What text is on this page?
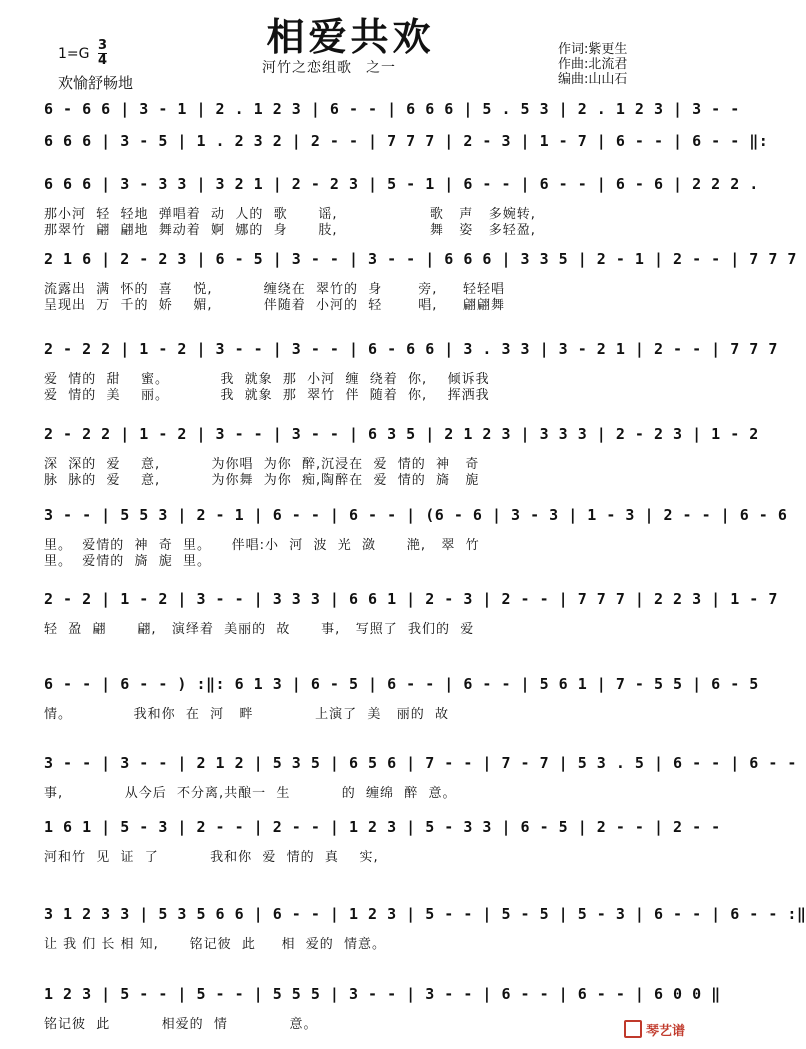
相爱共欢
河竹之恋组歌 之一
1=G
3
4
欢愉舒畅地
作词:紫更生
作曲:北流君
编曲:山山石
6 - 6 6 | 3 - 1 | 2 . 1 2 3 | 6 - - | 6 6 6 | 5 . 5 3 | 2 . 1 2 3 | 3 - -
6 6 6 | 3 - 5 | 1 . 2 3 2 | 2 - - | 7 7 7 | 2 - 3 | 1 - 7 | 6 - - | 6 - - ‖:
6 6 6 | 3 - 3 3 | 3 2 1 | 2 - 2 3 | 5 - 1 | 6 - - | 6 - - | 6 - 6 | 2 2 2 .
那小河  轻  轻地  弹唱着  动  人的  歌      谣,                  歌   声   多婉转,
那翠竹  翩  翩地  舞动着  婀  娜的  身      肢,                  舞   姿   多轻盈,
2 1 6 | 2 - 2 3 | 6 - 5 | 3 - - | 3 - - | 6 6 6 | 3 3 5 | 2 - 1 | 2 - - | 7 7 7
流露出  满  怀的  喜    悦,          缠绕在  翠竹的  身       旁,     轻轻唱
呈现出  万  千的  娇    媚,          伴随着  小河的  轻       唱,     翩翩舞
2 - 2 2 | 1 - 2 | 3 - - | 3 - - | 6 - 6 6 | 3 . 3 3 | 3 - 2 1 | 2 - - | 7 7 7
爱  情的  甜    蜜。          我  就象  那  小河  缠  绕着  你,    倾诉我
爱  情的  美    丽。          我  就象  那  翠竹  伴  随着  你,    挥洒我
2 - 2 2 | 1 - 2 | 3 - - | 3 - - | 6 3 5 | 2 1 2 3 | 3 3 3 | 2 - 2 3 | 1 - 2
深  深的  爱    意,          为你唱  为你  醉,沉浸在  爱  情的  神   奇
脉  脉的  爱    意,          为你舞  为你  痴,陶醉在  爱  情的  旖   旎
3 - - | 5 5 3 | 2 - 1 | 6 - - | 6 - - | (6 - 6 | 3 - 3 | 1 - 3 | 2 - - | 6 - 6
里。  爱情的  神  奇  里。    伴唱:小  河  波  光  潋      滟,   翠  竹
里。  爱情的  旖  旎  里。
2 - 2 | 1 - 2 | 3 - - | 3 3 3 | 6 6 1 | 2 - 3 | 2 - - | 7 7 7 | 2 2 3 | 1 - 7
轻  盈  翩      翩,   演绎着  美丽的  故      事,   写照了  我们的  爱
6 - - | 6 - - ) :‖: 6 1 3 | 6 - 5 | 6 - - | 6 - - | 5 6 1 | 7 - 5 5 | 6 - 5
情。            我和你  在  河   畔            上演了  美   丽的  故
3 - - | 3 - - | 2 1 2 | 5 3 5 | 6 5 6 | 7 - - | 7 - 7 | 5 3 . 5 | 6 - - | 6 - -
事,            从今后  不分离,共酿一  生          的  缠绵  醉  意。
1 6 1 | 5 - 3 | 2 - - | 2 - - | 1 2 3 | 5 - 3 3 | 6 - 5 | 2 - - | 2 - -
河和竹  见  证  了          我和你  爱  情的  真    实,
3 1 2 3 3 | 5 3 5 6 6 | 6 - - | 1 2 3 | 5 - - | 5 - 5 | 5 - 3 | 6 - - | 6 - - :‖
让 我 们 长 相 知,      铭记彼  此     相  爱的  情意。
1 2 3 | 5 - - | 5 - - | 5 5 5 | 3 - - | 3 - - | 6 - - | 6 - - | 6 0 0 ‖
铭记彼  此          相爱的  情            意。	琴艺谱
